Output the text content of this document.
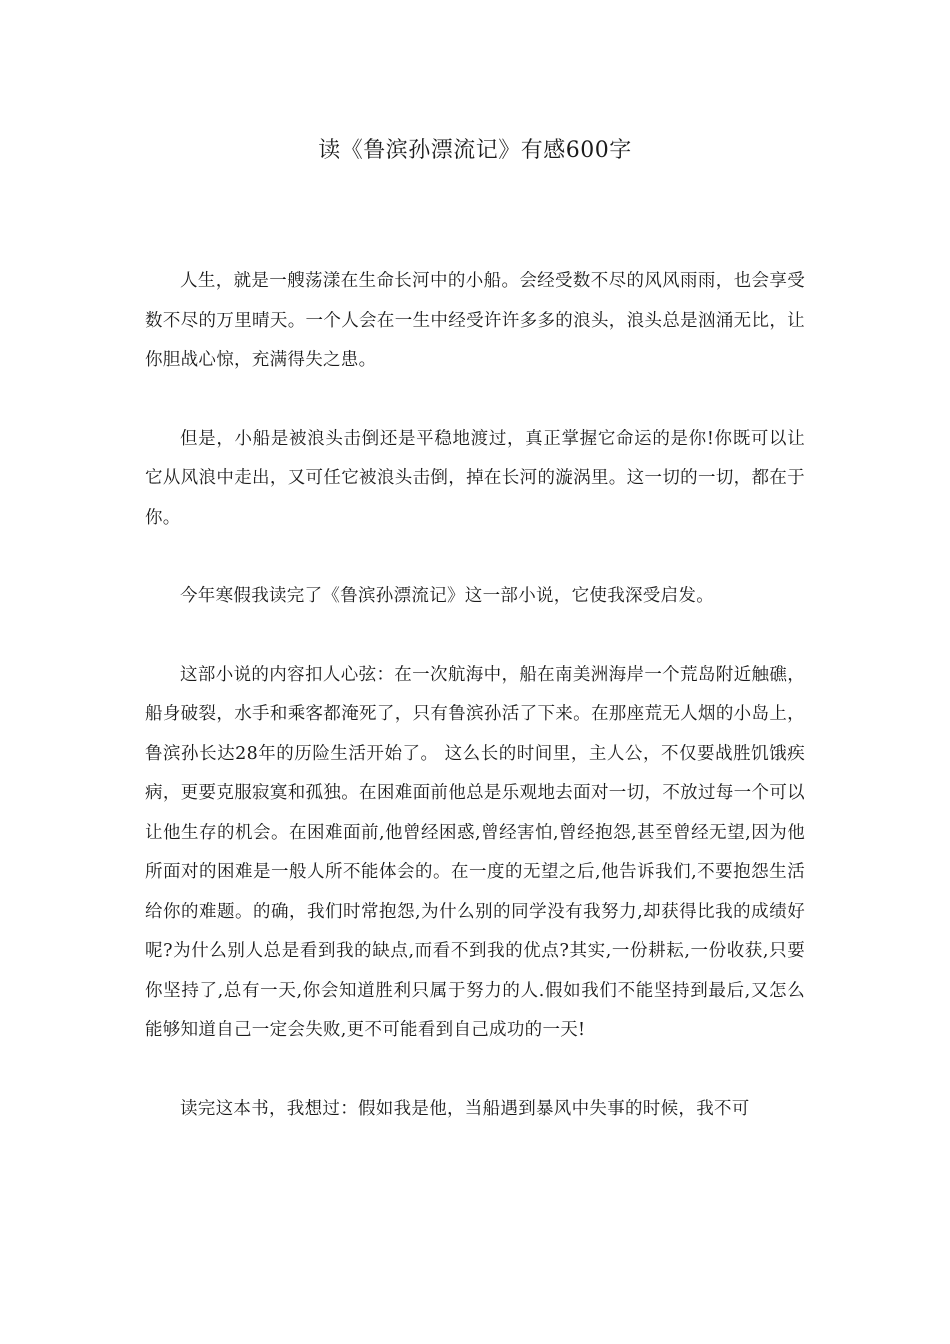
读《鲁滨孙漂流记》有感600字

人生，就是一艘荡漾在生命长河中的小船。会经受数不尽的风风雨雨，也会享受数不尽的万里晴天。一个人会在一生中经受许许多多的浪头，浪头总是汹涌无比，让你胆战心惊，充满得失之患。

但是，小船是被浪头击倒还是平稳地渡过，真正掌握它命运的是你!你既可以让它从风浪中走出，又可任它被浪头击倒，掉在长河的漩涡里。这一切的一切，都在于你。

今年寒假我读完了《鲁滨孙漂流记》这一部小说，它使我深受启发。

这部小说的内容扣人心弦：在一次航海中，船在南美洲海岸一个荒岛附近触礁，船身破裂，水手和乘客都淹死了，只有鲁滨孙活了下来。在那座荒无人烟的小岛上，鲁滨孙长达28年的历险生活开始了。 这么长的时间里，主人公，不仅要战胜饥饿疾病，更要克服寂寞和孤独。在困难面前他总是乐观地去面对一切，不放过每一个可以让他生存的机会。在困难面前,他曾经困惑,曾经害怕,曾经抱怨,甚至曾经无望,因为他所面对的困难是一般人所不能体会的。在一度的无望之后,他告诉我们,不要抱怨生活给你的难题。的确，我们时常抱怨,为什么别的同学没有我努力,却获得比我的成绩好呢?为什么别人总是看到我的缺点,而看不到我的优点?其实,一份耕耘,一份收获,只要你坚持了,总有一天,你会知道胜利只属于努力的人.假如我们不能坚持到最后,又怎么能够知道自己一定会失败,更不可能看到自己成功的一天!

读完这本书，我想过：假如我是他，当船遇到暴风中失事的时候，我不可
